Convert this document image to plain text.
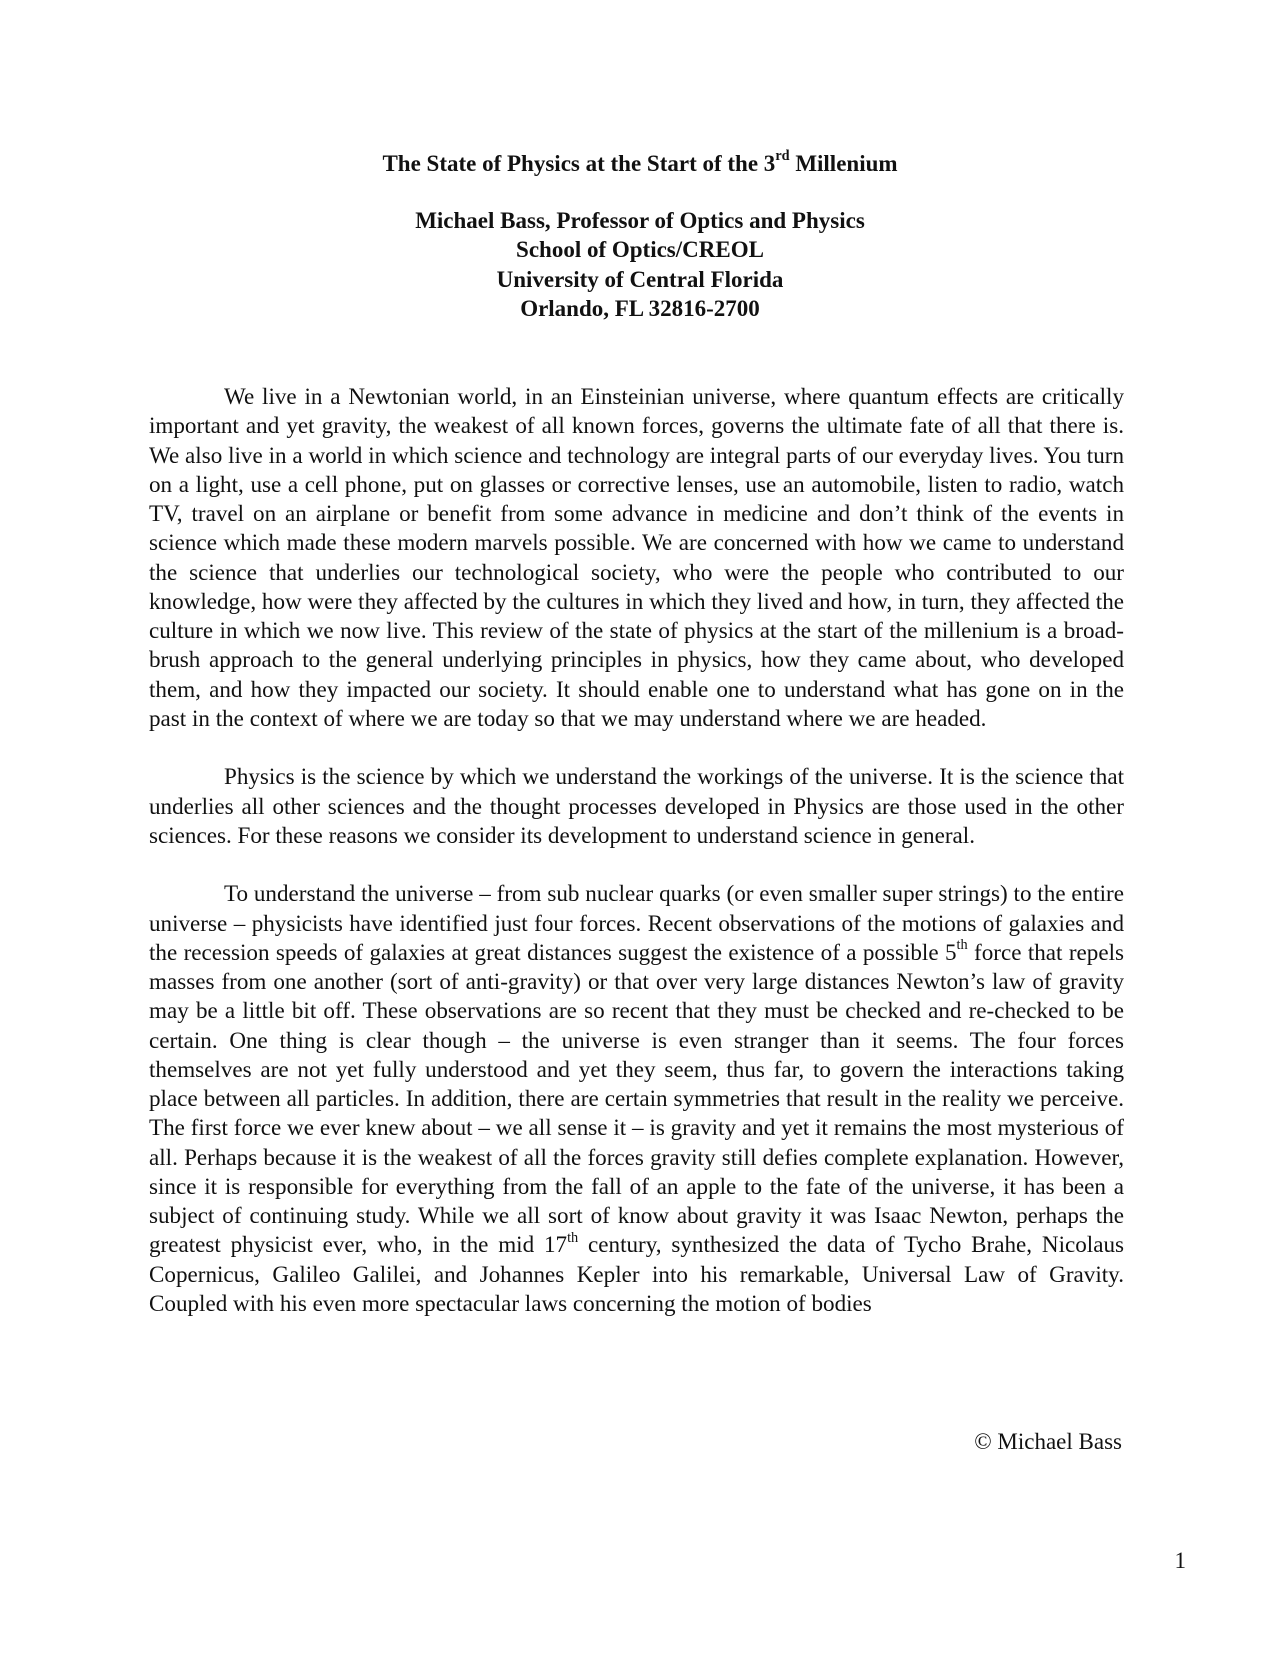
The State of Physics at the Start of the 3rd Millenium
Michael Bass, Professor of Optics and Physics
School of Optics/CREOL
University of Central Florida
Orlando, FL 32816-2700

We live in a Newtonian world, in an Einsteinian universe, where quantum effects are critically important and yet gravity, the weakest of all known forces, governs the ultimate fate of all that there is. We also live in a world in which science and technology are integral parts of our everyday lives. You turn on a light, use a cell phone, put on glasses or corrective lenses, use an automobile, listen to radio, watch TV, travel on an airplane or benefit from some advance in medicine and don’t think of the events in science which made these modern marvels possible. We are concerned with how we came to understand the science that underlies our technological society, who were the people who contributed to our knowledge, how were they affected by the cultures in which they lived and how, in turn, they affected the culture in which we now live. This review of the state of physics at the start of the millenium is a broad-brush approach to the general underlying principles in physics, how they came about, who developed them, and how they impacted our society. It should enable one to understand what has gone on in the past in the context of where we are today so that we may understand where we are headed.

Physics is the science by which we understand the workings of the universe. It is the science that underlies all other sciences and the thought processes developed in Physics are those used in the other sciences. For these reasons we consider its development to understand science in general.

To understand the universe – from sub nuclear quarks (or even smaller super strings) to the entire universe – physicists have identified just four forces. Recent observations of the motions of galaxies and the recession speeds of galaxies at great distances suggest the existence of a possible 5th force that repels masses from one another (sort of anti-gravity) or that over very large distances Newton’s law of gravity may be a little bit off. These observations are so recent that they must be checked and re-checked to be certain. One thing is clear though – the universe is even stranger than it seems. The four forces themselves are not yet fully understood and yet they seem, thus far, to govern the interactions taking place between all particles. In addition, there are certain symmetries that result in the reality we perceive. The first force we ever knew about – we all sense it – is gravity and yet it remains the most mysterious of all. Perhaps because it is the weakest of all the forces gravity still defies complete explanation. However, since it is responsible for everything from the fall of an apple to the fate of the universe, it has been a subject of continuing study. While we all sort of know about gravity it was Isaac Newton, perhaps the greatest physicist ever, who, in the mid 17th century, synthesized the data of Tycho Brahe, Nicolaus Copernicus, Galileo Galilei, and Johannes Kepler into his remarkable, Universal Law of Gravity. Coupled with his even more spectacular laws concerning the motion of bodies

© Michael Bass
1
